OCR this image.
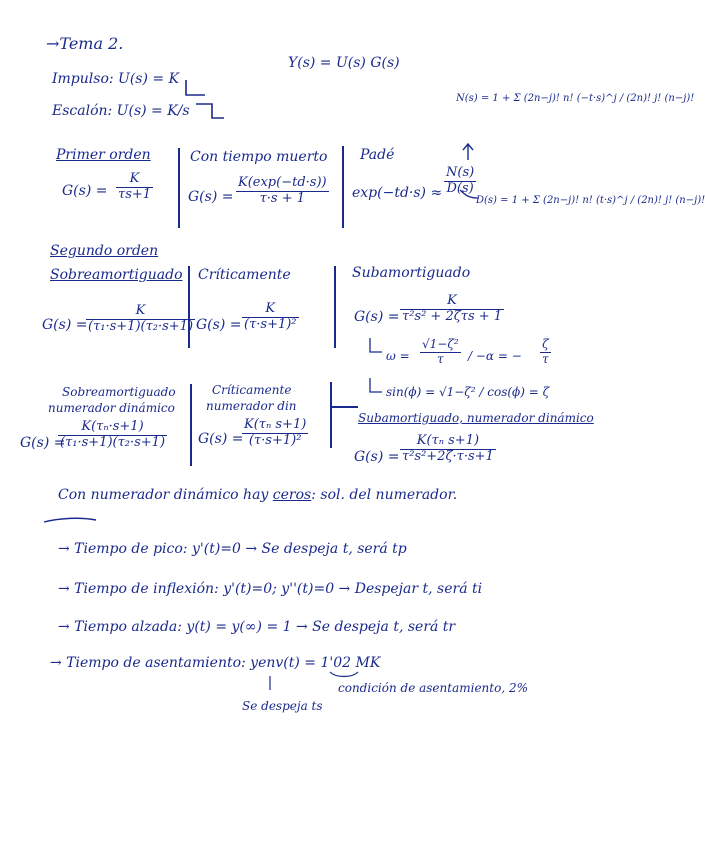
→Tema 2.
Y(s) = U(s) G(s)
Impulso: U(s) = K
Escalón: U(s) = K/s
N(s) = 1 + Σ (2n−j)! n! (−t·s)^j / (2n)! j! (n−j)!
D(s) = 1 + Σ (2n−j)! n! (t·s)^j / (2n)! j! (n−j)!
Primer orden
$G(s) = \frac{K}{\tau s+1}$
Con tiempo muerto
$G(s) = \frac{K(\exp(-td\cdot s))}{\tau\cdot s + 1}$
Padé
$\exp(-td\cdot s) \approx \frac{N(s)}{D(s)}$
Segundo orden
Sobreamortiguado Críticamente	Subamortiguado
G(s) =
$\frac{K}{\text{(τ₁·s+1)(τ₂·s+1)}} G(s) = \frac{K}{\text{(τ·s+1)²}}$	G(s) =
K
τ²s² + 2ζτs + 1
$\omega = \frac{\text{√1−ζ²}}{\tau} / -\alpha$ = − $\frac{\zeta}{\tau}$
sin(ϕ) = √1−ζ² / cos(ϕ) = ζ
Sobreamortiguado
numerador dinámico
Críticamente
numerador din
Subamortiguado, numerador dinámico
G(s) =
$\frac{\text{K(τₙ·s+1)}}{\text{(τ₁·s+1)(τ₂·s+1)}} G(s)$ =
$\frac{\text{K(τₙ s+1)}}{\text{(τ·s+1)²}}$
$G(s) = \frac{\text{K(τₙ s+1)}}{\text{τ²s²+2ζ·τ·s+1}}$
Con numerador dinámico hay ceros: sol. del numerador.
→ Tiempo de pico: y'(t)=0 → Se despeja t, será tp
→ Tiempo de inflexión: y'(t)=0; y''(t)=0 → Despejar t, será ti
→ Tiempo alzada: y(t) = y(∞) = 1 → Se despeja t, será tr
→ Tiempo de asentamiento: yenv(t) = 1'02 MK
condición de asentamiento, 2%
Se despeja ts
